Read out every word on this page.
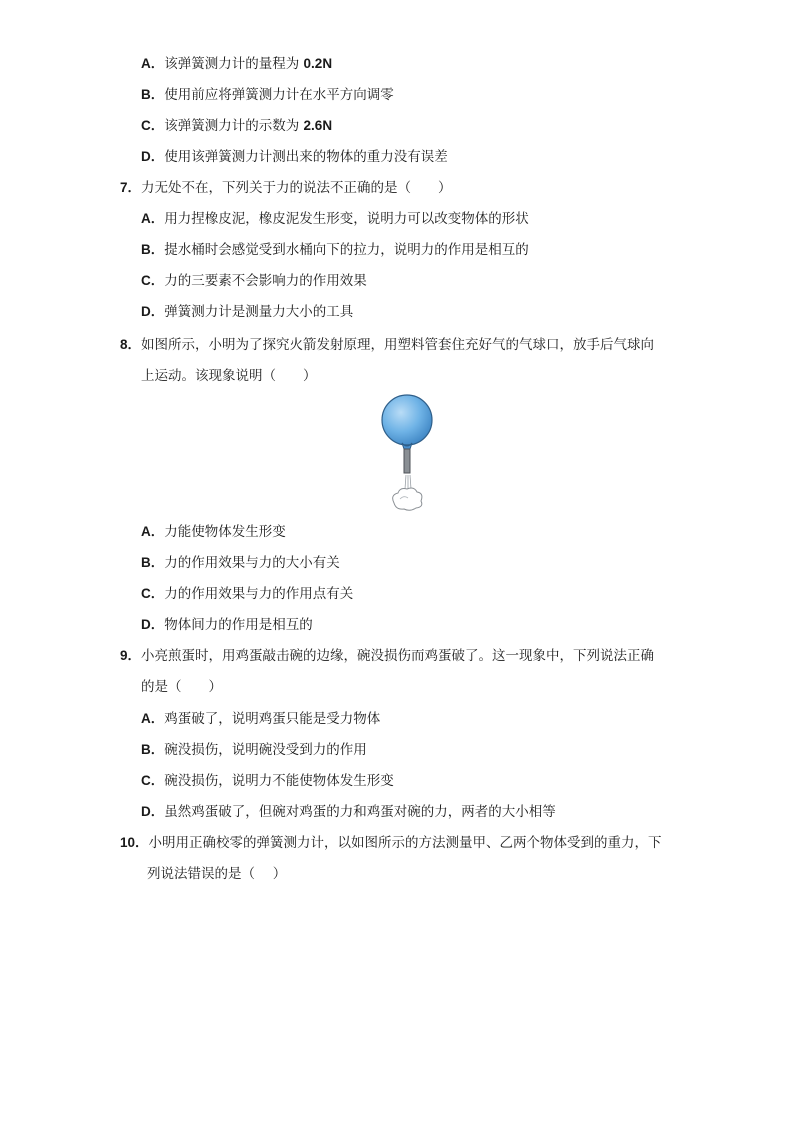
A．该弹簧测力计的量程为 0.2N
B．使用前应将弹簧测力计在水平方向调零
C．该弹簧测力计的示数为 2.6N
D．使用该弹簧测力计测出来的物体的重力没有误差
7．力无处不在，下列关于力的说法不正确的是（　　）
A．用力捏橡皮泥，橡皮泥发生形变，说明力可以改变物体的形状
B．提水桶时会感觉受到水桶向下的拉力，说明力的作用是相互的
C．力的三要素不会影响力的作用效果
D．弹簧测力计是测量力大小的工具
8．如图所示，小明为了探究火箭发射原理，用塑料管套住充好气的气球口，放手后气球向
上运动。该现象说明（　　）
A．力能使物体发生形变
B．力的作用效果与力的大小有关
C．力的作用效果与力的作用点有关
D．物体间力的作用是相互的
9．小亮煎蛋时，用鸡蛋敲击碗的边缘，碗没损伤而鸡蛋破了。这一现象中，下列说法正确
的是（　　）
A．鸡蛋破了，说明鸡蛋只能是受力物体
B．碗没损伤，说明碗没受到力的作用
C．碗没损伤，说明力不能使物体发生形变
D．虽然鸡蛋破了，但碗对鸡蛋的力和鸡蛋对碗的力，两者的大小相等
10．小明用正确校零的弹簧测力计，以如图所示的方法测量甲、乙两个物体受到的重力，下
列说法错误的是（　 ）
